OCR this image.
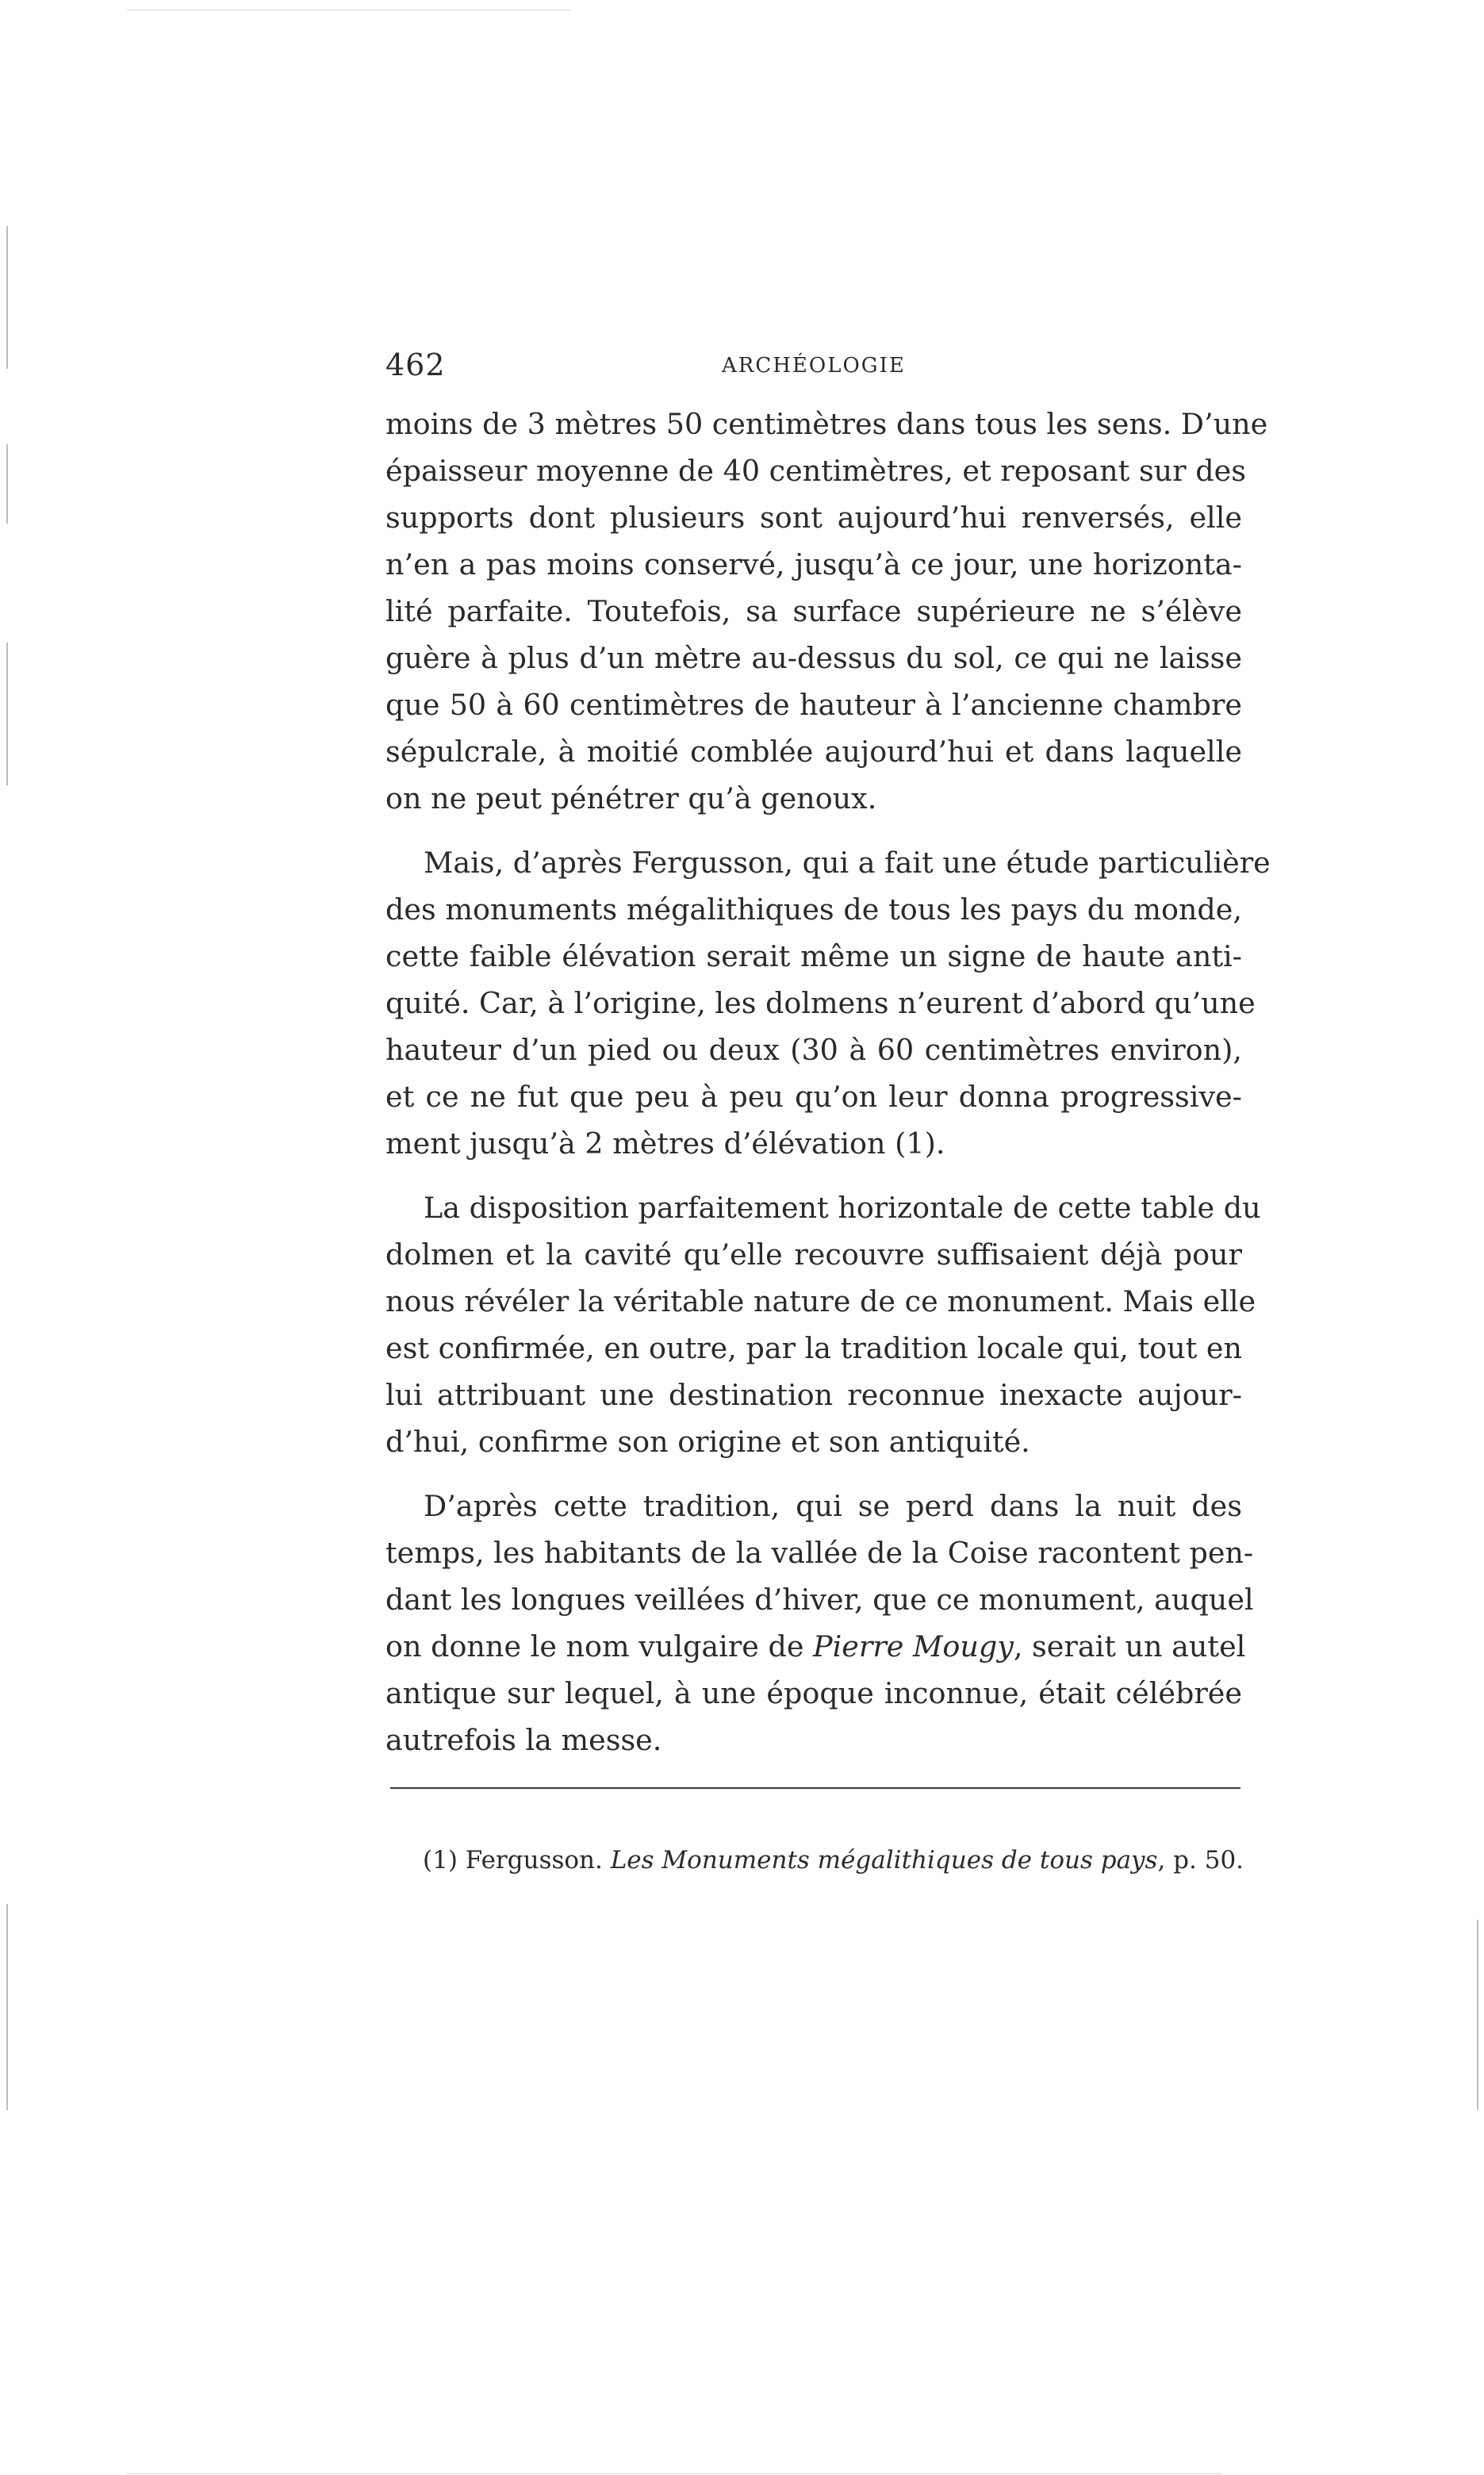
462	ARCHÉOLOGIE
moins de 3 mètres 50 centimètres dans tous les sens. D’une
épaisseur moyenne de 40 centimètres, et reposant sur des
supports dont plusieurs sont aujourd’hui renversés, elle
n’en a pas moins conservé, jusqu’à ce jour, une horizonta-
lité parfaite. Toutefois, sa surface supérieure ne s’élève
guère à plus d’un mètre au-dessus du sol, ce qui ne laisse
que 50 à 60 centimètres de hauteur à l’ancienne chambre
sépulcrale, à moitié comblée aujourd’hui et dans laquelle
on ne peut pénétrer qu’à genoux.
Mais, d’après Fergusson, qui a fait une étude particulière
des monuments mégalithiques de tous les pays du monde,
cette faible élévation serait même un signe de haute anti-
quité. Car, à l’origine, les dolmens n’eurent d’abord qu’une
hauteur d’un pied ou deux (30 à 60 centimètres environ),
et ce ne fut que peu à peu qu’on leur donna progressive-
ment jusqu’à 2 mètres d’élévation (1).
La disposition parfaitement horizontale de cette table du
dolmen et la cavité qu’elle recouvre suffisaient déjà pour
nous révéler la véritable nature de ce monument. Mais elle
est confirmée, en outre, par la tradition locale qui, tout en
lui attribuant une destination reconnue inexacte aujour-
d’hui, confirme son origine et son antiquité.
D’après cette tradition, qui se perd dans la nuit des
temps, les habitants de la vallée de la Coise racontent pen-
dant les longues veillées d’hiver, que ce monument, auquel
on donne le nom vulgaire de Pierre Mougy, serait un autel
antique sur lequel, à une époque inconnue, était célébrée
autrefois la messe.
(1) Fergusson. Les Monuments mégalithiques de tous pays, p. 50.
